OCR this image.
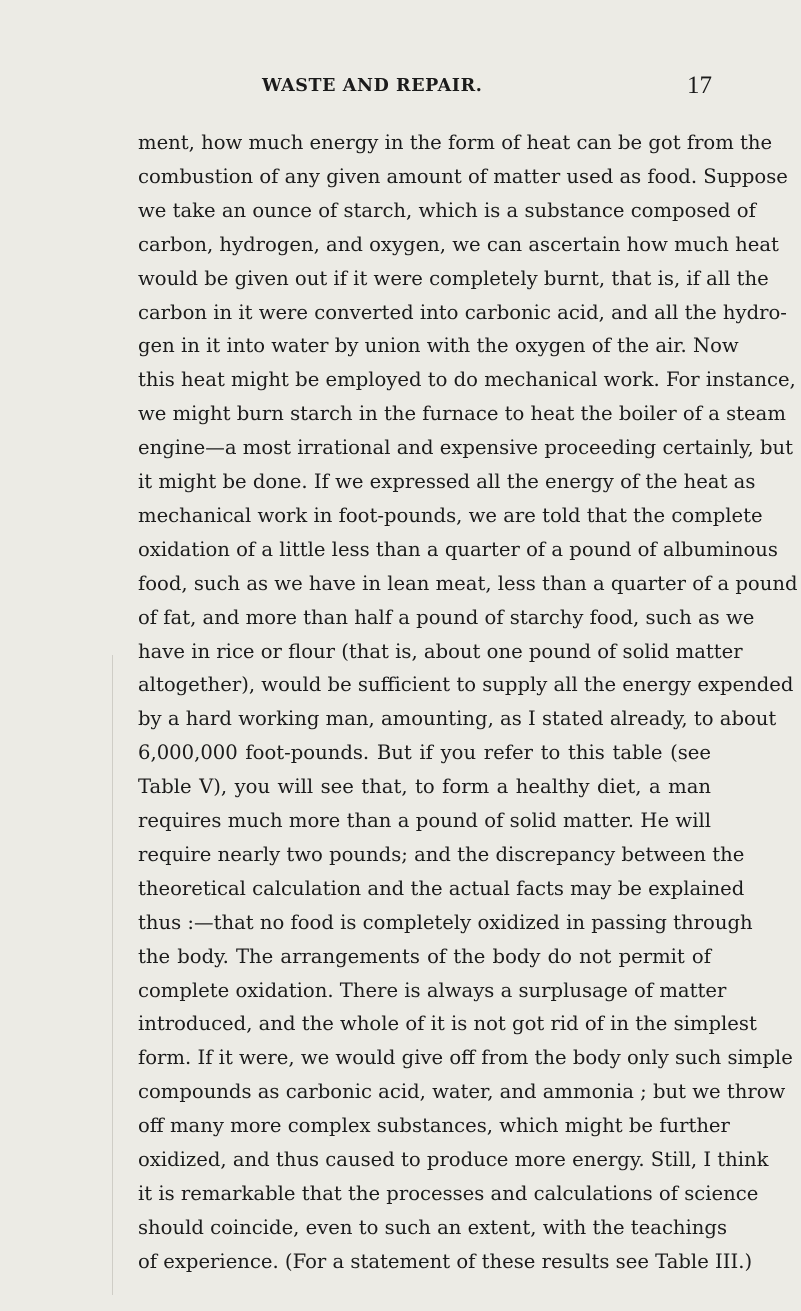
WASTE AND REPAIR.	17
ment, how much energy in the form of heat can be got from the
combustion of any given amount of matter used as food. Suppose
we take an ounce of starch, which is a substance composed of
carbon, hydrogen, and oxygen, we can ascertain how much heat
would be given out if it were completely burnt, that is, if all the
carbon in it were converted into carbonic acid, and all the hydro-
gen in it into water by union with the oxygen of the air. Now
this heat might be employed to do mechanical work. For instance,
we might burn starch in the furnace to heat the boiler of a steam
engine—a most irrational and expensive proceeding certainly, but
it might be done. If we expressed all the energy of the heat as
mechanical work in foot-pounds, we are told that the complete
oxidation of a little less than a quarter of a pound of albuminous
food, such as we have in lean meat, less than a quarter of a pound
of fat, and more than half a pound of starchy food, such as we
have in rice or flour (that is, about one pound of solid matter
altogether), would be sufficient to supply all the energy expended
by a hard working man, amounting, as I stated already, to about
6,000,000 foot-pounds. But if you refer to this table (see
Table V), you will see that, to form a healthy diet, a man
requires much more than a pound of solid matter. He will
require nearly two pounds; and the discrepancy between the
theoretical calculation and the actual facts may be explained
thus :—that no food is completely oxidized in passing through
the body. The arrangements of the body do not permit of
complete oxidation. There is always a surplusage of matter
introduced, and the whole of it is not got rid of in the simplest
form. If it were, we would give off from the body only such simple
compounds as carbonic acid, water, and ammonia ; but we throw
off many more complex substances, which might be further
oxidized, and thus caused to produce more energy. Still, I think
it is remarkable that the processes and calculations of science
should coincide, even to such an extent, with the teachings
of experience. (For a statement of these results see Table III.)
